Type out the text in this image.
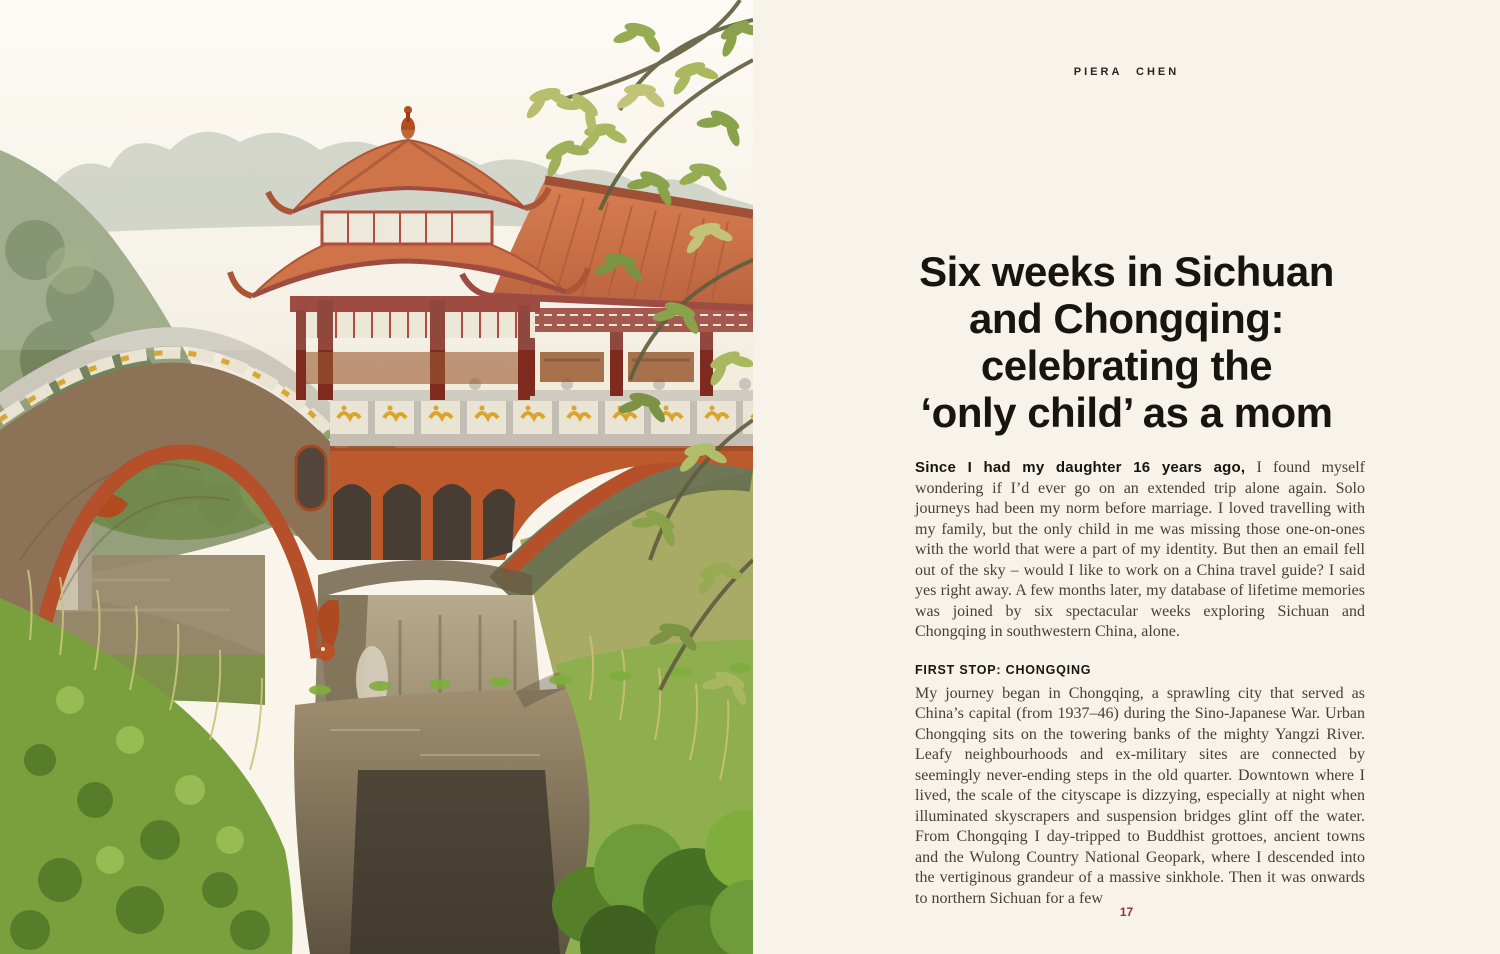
PIERA CHEN
Six weeks in Sichuan
and Chongqing:
celebrating the
‘only child’ as a mom

Since I had my daughter 16 years ago, I found myself wondering if I’d ever go on an extended trip alone again. Solo journeys had been my norm before marriage. I loved travelling with my family, but the only child in me was missing those one-on-ones with the world that were a part of my identity. But then an email fell out of the sky – would I like to work on a China travel guide? I said yes right away. A few months later, my database of lifetime memories was joined by six spectacular weeks exploring Sichuan and Chongqing in southwestern China, alone.

FIRST STOP: CHONGQING

My journey began in Chongqing, a sprawling city that served as China’s capital (from 1937–46) during the Sino-Japanese War. Urban Chongqing sits on the towering banks of the mighty Yangzi River. Leafy neighbourhoods and ex-military sites are connected by seemingly never-ending steps in the old quarter. Downtown where I lived, the scale of the cityscape is dizzying, especially at night when illuminated skyscrapers and suspension bridges glint off the water. From Chongqing I day-tripped to Buddhist grottoes, ancient towns and the Wulong Country National Geopark, where I descended into the vertiginous grandeur of a massive sinkhole. Then it was onwards to northern Sichuan for a few

17
